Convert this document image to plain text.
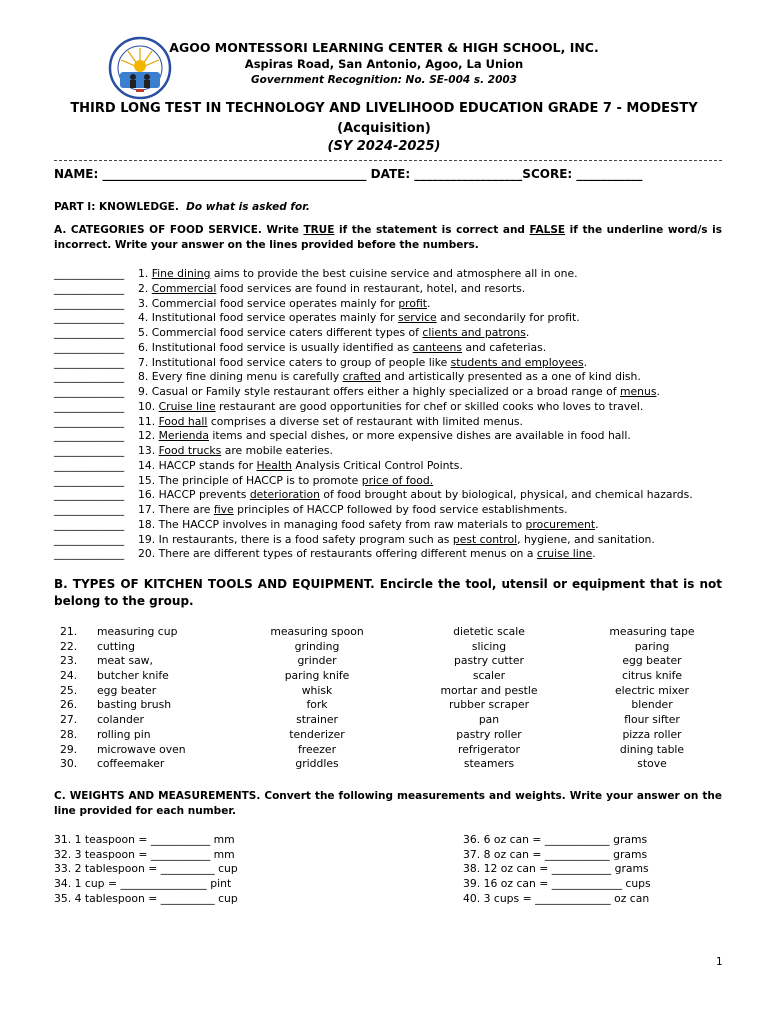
AGOO MONTESSORI LEARNING CENTER & HIGH SCHOOL, INC.
Aspiras Road, San Antonio, Agoo, La Union
Government Recognition: No. SE-004 s. 2003
THIRD LONG TEST IN TECHNOLOGY AND LIVELIHOOD EDUCATION GRADE 7 - MODESTY
(Acquisition)
(SY 2024-2025)
NAME: ____________________________________________ DATE: __________________SCORE: ___________
PART I: KNOWLEDGE. Do what is asked for.
A. CATEGORIES OF FOOD SERVICE. Write TRUE if the statement is correct and FALSE if the underline word/s is incorrect. Write your answer on the lines provided before the numbers.
_____________ 1. Fine dining aims to provide the best cuisine service and atmosphere all in one.
_____________ 2. Commercial food services are found in restaurant, hotel, and resorts.
_____________ 3. Commercial food service operates mainly for profit.
_____________ 4. Institutional food service operates mainly for service and secondarily for profit.
_____________ 5. Commercial food service caters different types of clients and patrons.
_____________ 6. Institutional food service is usually identified as canteens and cafeterias.
_____________ 7. Institutional food service caters to group of people like students and employees.
_____________ 8. Every fine dining menu is carefully crafted and artistically presented as a one of kind dish.
_____________ 9. Casual or Family style restaurant offers either a highly specialized or a broad range of menus.
_____________ 10. Cruise line restaurant are good opportunities for chef or skilled cooks who loves to travel.
_____________ 11. Food hall comprises a diverse set of restaurant with limited menus.
_____________ 12. Merienda items and special dishes, or more expensive dishes are available in food hall.
_____________ 13. Food trucks are mobile eateries.
_____________ 14. HACCP stands for Health Analysis Critical Control Points.
_____________ 15. The principle of HACCP is to promote price of food.
_____________ 16. HACCP prevents deterioration of food brought about by biological, physical, and chemical hazards.
_____________ 17. There are five principles of HACCP followed by food service establishments.
_____________ 18. The HACCP involves in managing food safety from raw materials to procurement.
_____________ 19. In restaurants, there is a food safety program such as pest control, hygiene, and sanitation.
_____________ 20. There are different types of restaurants offering different menus on a cruise line.
B. TYPES OF KITCHEN TOOLS AND EQUIPMENT. Encircle the tool, utensil or equipment that is not belong to the group.
21. measuring cup	measuring spoon	dietetic scale	measuring tape
22. cutting	grinding	slicing	paring
23. meat saw,	grinder	pastry cutter	egg beater
24. butcher knife	paring knife	scaler	citrus knife
25. egg beater	whisk	mortar and pestle	electric mixer
26. basting brush	fork	rubber scraper	blender
27. colander	strainer	pan	flour sifter
28. rolling pin	tenderizer	pastry roller	pizza roller
29. microwave oven	freezer	refrigerator	dining table
30. coffeemaker	griddles	steamers	stove
C. WEIGHTS AND MEASUREMENTS. Convert the following measurements and weights. Write your answer on the line provided for each number.
31. 1 teaspoon = ___________ mm
32. 3 teaspoon = ___________ mm
33. 2 tablespoon = __________ cup
34. 1 cup = ________________ pint
35. 4 tablespoon = __________ cup
36. 6 oz can = ____________ grams
37. 8 oz can = ____________ grams
38. 12 oz can = ___________ grams
39. 16 oz can = _____________ cups
40. 3 cups = ______________ oz can
1
